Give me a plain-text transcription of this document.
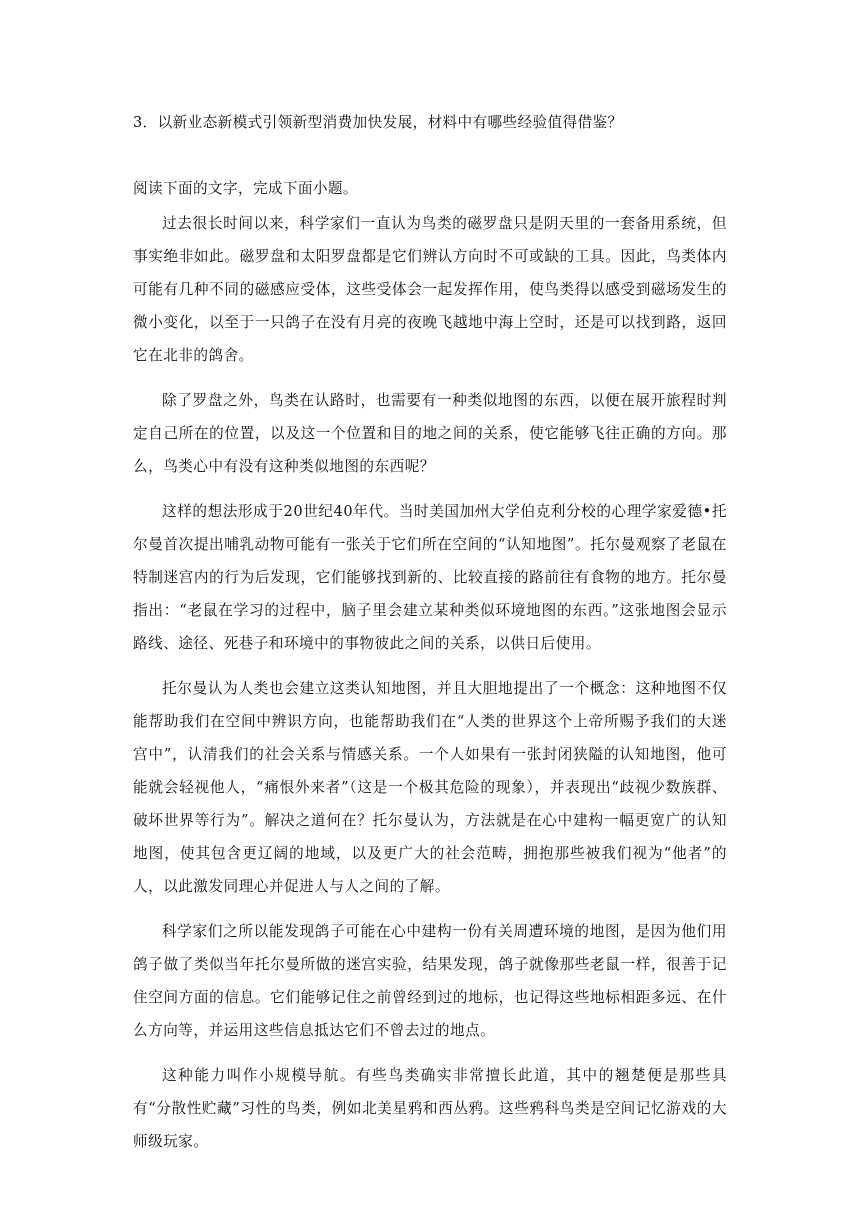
3．以新业态新模式引领新型消费加快发展，材料中有哪些经验值得借鉴？
阅读下面的文字，完成下面小题。

过去很长时间以来，科学家们一直认为鸟类的磁罗盘只是阴天里的一套备用系统，但事实绝非如此。磁罗盘和太阳罗盘都是它们辨认方向时不可或缺的工具。因此，鸟类体内可能有几种不同的磁感应受体，这些受体会一起发挥作用，使鸟类得以感受到磁场发生的微小变化，以至于一只鸽子在没有月亮的夜晚飞越地中海上空时，还是可以找到路，返回它在北非的鸽舍。

除了罗盘之外，鸟类在认路时，也需要有一种类似地图的东西，以便在展开旅程时判定自己所在的位置，以及这一个位置和目的地之间的关系，使它能够飞往正确的方向。那么，鸟类心中有没有这种类似地图的东西呢？

这样的想法形成于20世纪40年代。当时美国加州大学伯克利分校的心理学家爱德•托尔曼首次提出哺乳动物可能有一张关于它们所在空间的“认知地图”。托尔曼观察了老鼠在特制迷宫内的行为后发现，它们能够找到新的、比较直接的路前往有食物的地方。托尔曼指出：“老鼠在学习的过程中，脑子里会建立某种类似环境地图的东西。”这张地图会显示路线、途径、死巷子和环境中的事物彼此之间的关系，以供日后使用。

托尔曼认为人类也会建立这类认知地图，并且大胆地提出了一个概念：这种地图不仅能帮助我们在空间中辨识方向，也能帮助我们在“人类的世界这个上帝所赐予我们的大迷宫中”，认清我们的社会关系与情感关系。一个人如果有一张封闭狭隘的认知地图，他可能就会轻视他人，“痛恨外来者”（这是一个极其危险的现象），并表现出“歧视少数族群、破坏世界等行为”。解决之道何在？托尔曼认为，方法就是在心中建构一幅更宽广的认知地图，使其包含更辽阔的地域，以及更广大的社会范畴，拥抱那些被我们视为“他者”的人，以此激发同理心并促进人与人之间的了解。

科学家们之所以能发现鸽子可能在心中建构一份有关周遭环境的地图，是因为他们用鸽子做了类似当年托尔曼所做的迷宫实验，结果发现，鸽子就像那些老鼠一样，很善于记住空间方面的信息。它们能够记住之前曾经到过的地标，也记得这些地标相距多远、在什么方向等，并运用这些信息抵达它们不曾去过的地点。

这种能力叫作小规模导航。有些鸟类确实非常擅长此道，其中的翘楚便是那些具有“分散性贮藏”习性的鸟类，例如北美星鸦和西丛鸦。这些鸦科鸟类是空间记忆游戏的大师级玩家。
